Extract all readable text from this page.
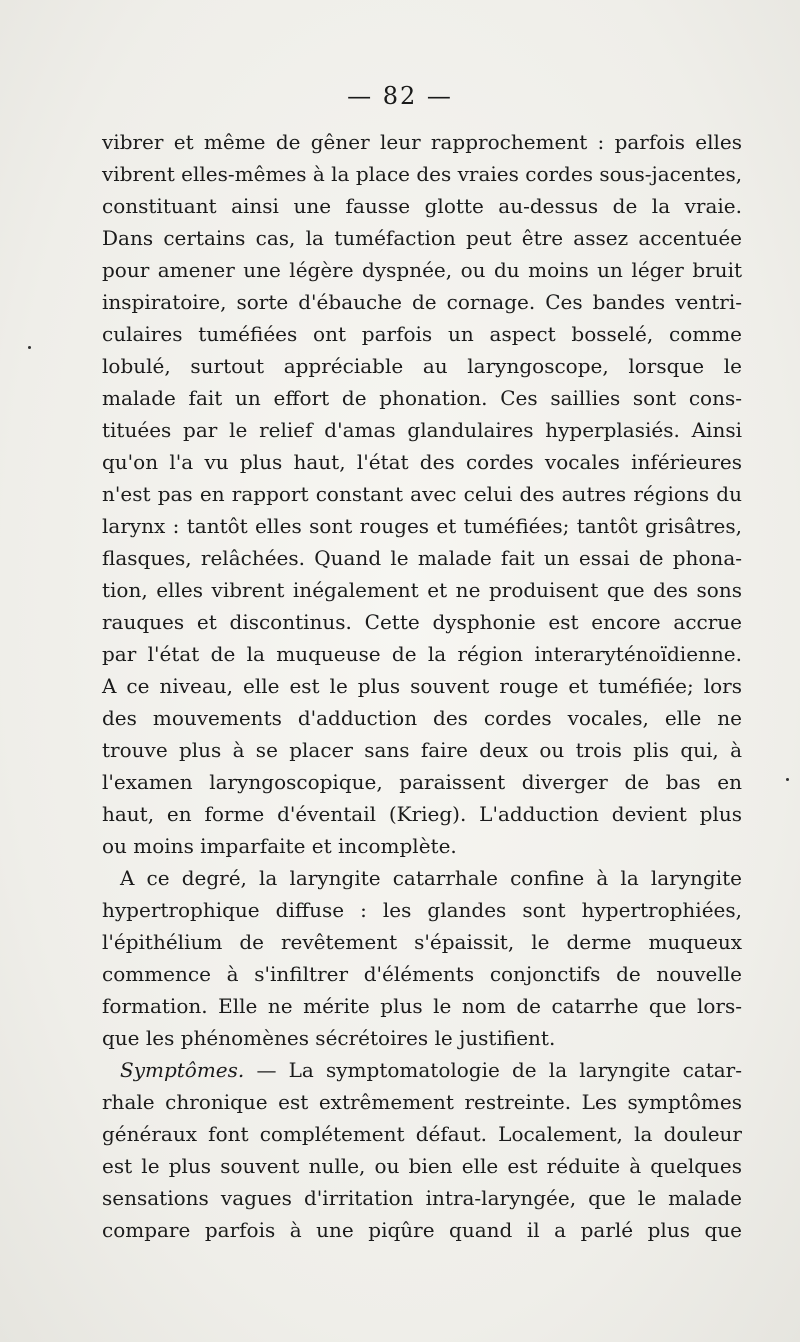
— 82 —
vibrer et même de gêner leur rapprochement : parfois elles
vibrent elles-mêmes à la place des vraies cordes sous-jacentes,
constituant ainsi une fausse glotte au-dessus de la vraie.
Dans certains cas, la tuméfaction peut être assez accentuée
pour amener une légère dyspnée, ou du moins un léger bruit
inspiratoire, sorte d'ébauche de cornage. Ces bandes ventri-
culaires tuméfiées ont parfois un aspect bosselé, comme
lobulé, surtout appréciable au laryngoscope, lorsque le
malade fait un effort de phonation. Ces saillies sont cons-
tituées par le relief d'amas glandulaires hyperplasiés. Ainsi
qu'on l'a vu plus haut, l'état des cordes vocales inférieures
n'est pas en rapport constant avec celui des autres régions du
larynx : tantôt elles sont rouges et tuméfiées; tantôt grisâtres,
flasques, relâchées. Quand le malade fait un essai de phona-
tion, elles vibrent inégalement et ne produisent que des sons
rauques et discontinus. Cette dysphonie est encore accrue
par l'état de la muqueuse de la région interaryténoïdienne.
A ce niveau, elle est le plus souvent rouge et tuméfiée; lors
des mouvements d'adduction des cordes vocales, elle ne
trouve plus à se placer sans faire deux ou trois plis qui, à
l'examen laryngoscopique, paraissent diverger de bas en
haut, en forme d'éventail (Krieg). L'adduction devient plus
ou moins imparfaite et incomplète.
A ce degré, la laryngite catarrhale confine à la laryngite
hypertrophique diffuse : les glandes sont hypertrophiées,
l'épithélium de revêtement s'épaissit, le derme muqueux
commence à s'infiltrer d'éléments conjonctifs de nouvelle
formation. Elle ne mérite plus le nom de catarrhe que lors-
que les phénomènes sécrétoires le justifient.
Symptômes. — La symptomatologie de la laryngite catar-
rhale chronique est extrêmement restreinte. Les symptômes
généraux font complétement défaut. Localement, la douleur
est le plus souvent nulle, ou bien elle est réduite à quelques
sensations vagues d'irritation intra-laryngée, que le malade
compare parfois à une piqûre quand il a parlé plus que
